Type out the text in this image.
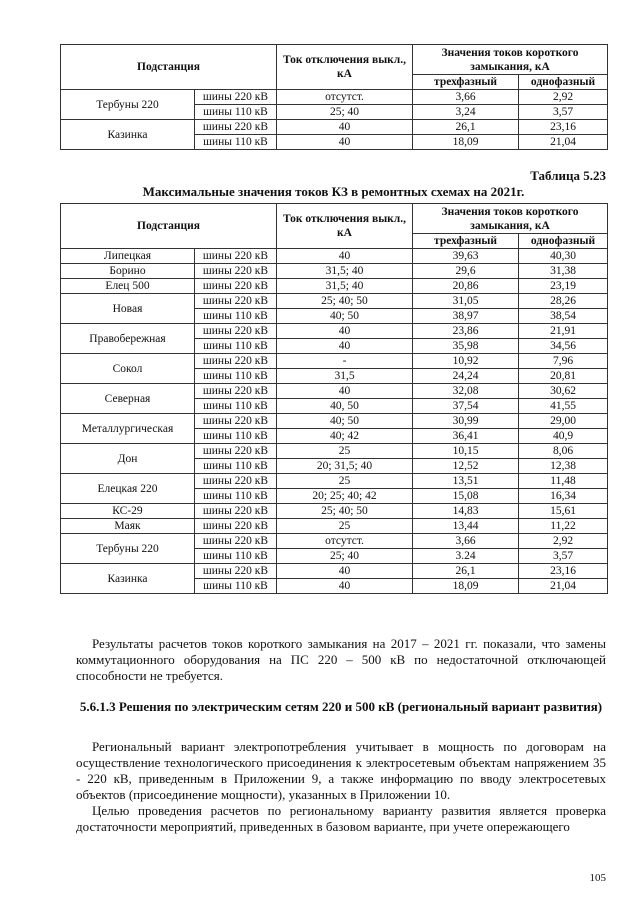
Подстанция		Ток отключения выкл., кА	Значения токов короткого замыкания, кА	
			трехфазный	однофазный
Тербуны 220	шины 220 кВ	отсутст.	3,66	2,92
	шины 110 кВ	25; 40	3,24	3,57
Казинка	шины 220 кВ	40	26,1	23,16
	шины 110 кВ	40	18,09	21,04
Таблица 5.23
Максимальные значения токов КЗ в ремонтных схемах на 2021г.
Подстанция		Ток отключения выкл., кА	Значения токов короткого замыкания, кА	
			трехфазный	однофазный
Липецкая	шины 220 кВ	40	39,63	40,30
Борино	шины 220 кВ	31,5; 40	29,6	31,38
Елец 500	шины 220 кВ	31,5; 40	20,86	23,19
Новая	шины 220 кВ	25; 40; 50	31,05	28,26
	шины 110 кВ	40; 50	38,97	38,54
Правобережная	шины 220 кВ	40	23,86	21,91
	шины 110 кВ	40	35,98	34,56
Сокол	шины 220 кВ	-	10,92	7,96
	шины 110 кВ	31,5	24,24	20,81
Северная	шины 220 кВ	40	32,08	30,62
	шины 110 кВ	40, 50	37,54	41,55
Металлургическая	шины 220 кВ	40; 50	30,99	29,00
	шины 110 кВ	40; 42	36,41	40,9
Дон	шины 220 кВ	25	10,15	8,06
	шины 110 кВ	20; 31,5; 40	12,52	12,38
Елецкая 220	шины 220 кВ	25	13,51	11,48
	шины 110 кВ	20; 25; 40; 42	15,08	16,34
КС-29	шины 220 кВ	25; 40; 50	14,83	15,61
Маяк	шины 220 кВ	25	13,44	11,22
Тербуны 220	шины 220 кВ	отсутст.	3,66	2,92
	шины 110 кВ	25; 40	3.24	3,57
Казинка	шины 220 кВ	40	26,1	23,16
	шины 110 кВ	40	18,09	21,04

Результаты расчетов токов короткого замыкания на 2017 – 2021 гг. показали, что замены коммутационного оборудования на ПС 220 – 500 кВ по недостаточной отключающей способности не требуется.

5.6.1.3 Решения по электрическим сетям 220 и 500 кВ (региональный вариант развития)

Региональный вариант электропотребления учитывает в мощность по договорам на осуществление технологического присоединения к электросетевым объектам напряжением 35 - 220 кВ, приведенным в Приложении 9, а также информацию по вводу электросетевых объектов (присоединение мощности), указанных в Приложении 10.

Целью проведения расчетов по региональному варианту развития является проверка достаточности мероприятий, приведенных в базовом варианте, при учете опережающего

105
